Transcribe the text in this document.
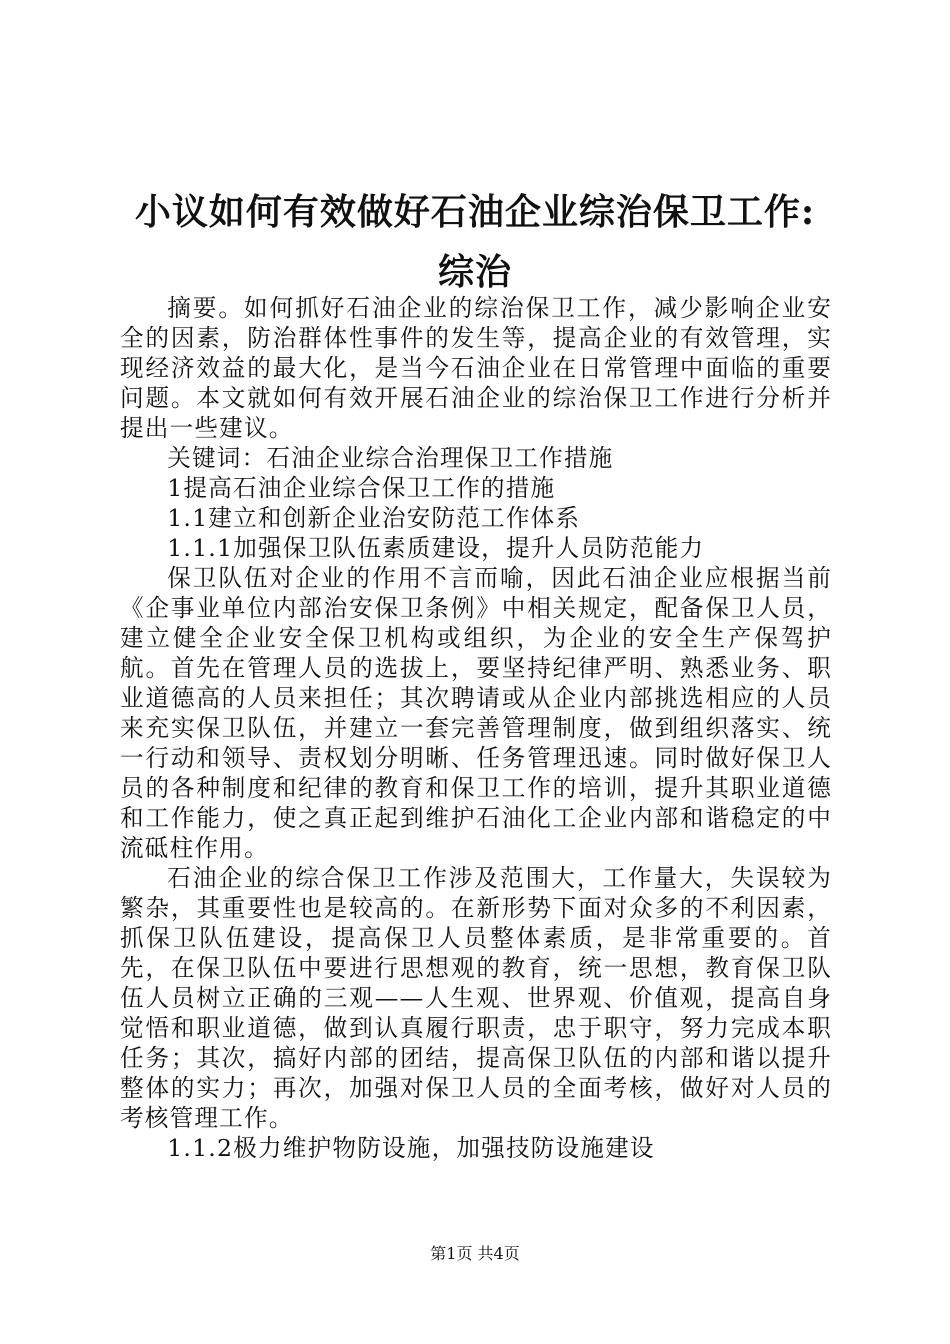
小议如何有效做好石油企业综治保卫工作:综治

摘要。如何抓好石油企业的综治保卫工作，减少影响企业安全的因素，防治群体性事件的发生等，提高企业的有效管理，实现经济效益的最大化，是当今石油企业在日常管理中面临的重要问题。本文就如何有效开展石油企业的综治保卫工作进行分析并提出一些建议。

关键词：石油企业综合治理保卫工作措施

1提高石油企业综合保卫工作的措施

1.1建立和创新企业治安防范工作体系

1.1.1加强保卫队伍素质建设，提升人员防范能力

保卫队伍对企业的作用不言而喻，因此石油企业应根据当前《企事业单位内部治安保卫条例》中相关规定，配备保卫人员，建立健全企业安全保卫机构或组织，为企业的安全生产保驾护航。首先在管理人员的选拔上，要坚持纪律严明、熟悉业务、职业道德高的人员来担任；其次聘请或从企业内部挑选相应的人员来充实保卫队伍，并建立一套完善管理制度，做到组织落实、统一行动和领导、责权划分明晰、任务管理迅速。同时做好保卫人员的各种制度和纪律的教育和保卫工作的培训，提升其职业道德和工作能力，使之真正起到维护石油化工企业内部和谐稳定的中流砥柱作用。

石油企业的综合保卫工作涉及范围大，工作量大，失误较为繁杂，其重要性也是较高的。在新形势下面对众多的不利因素，抓保卫队伍建设，提高保卫人员整体素质，是非常重要的。首先，在保卫队伍中要进行思想观的教育，统一思想，教育保卫队伍人员树立正确的三观——人生观、世界观、价值观，提高自身觉悟和职业道德，做到认真履行职责，忠于职守，努力完成本职任务；其次，搞好内部的团结，提高保卫队伍的内部和谐以提升整体的实力；再次，加强对保卫人员的全面考核，做好对人员的考核管理工作。

1.1.2极力维护物防设施，加强技防设施建设

第1页 共4页
